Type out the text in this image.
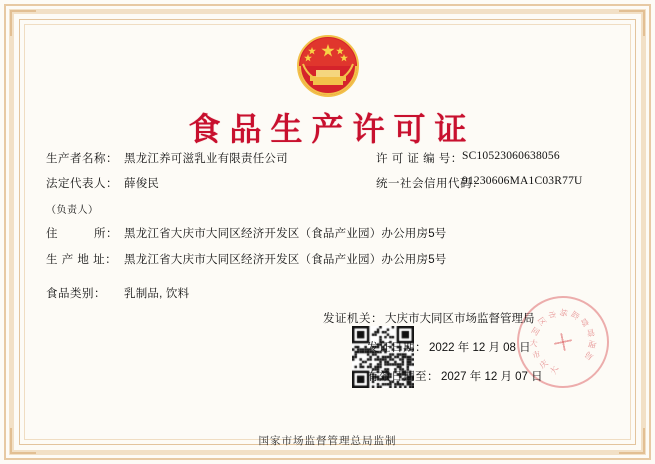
食品生产许可证
生产者名称： 黑龙江养可滋乳业有限责任公司	许 可 证 编 号： SC10523060638056
法定代表人： 薛俊民	统一社会信用代码：
91230606MA1C03R77U
（负责人）
住　　　所： 黑龙江省大庆市大同区经济开发区（食品产业园）办公用房5号
生 产 地 址： 黑龙江省大庆市大同区经济开发区（食品产业园）办公用房5号
食品类别：	乳制品, 饮料
大
庆
市
大
同
区
市 场 监
督
管
理
局
发证机关： 大庆市大同区市场监督管理局
发证日期： 2022 年 12 月 08 日
有效日期至： 2027 年 12 月 07 日
国家市场监督管理总局监制
